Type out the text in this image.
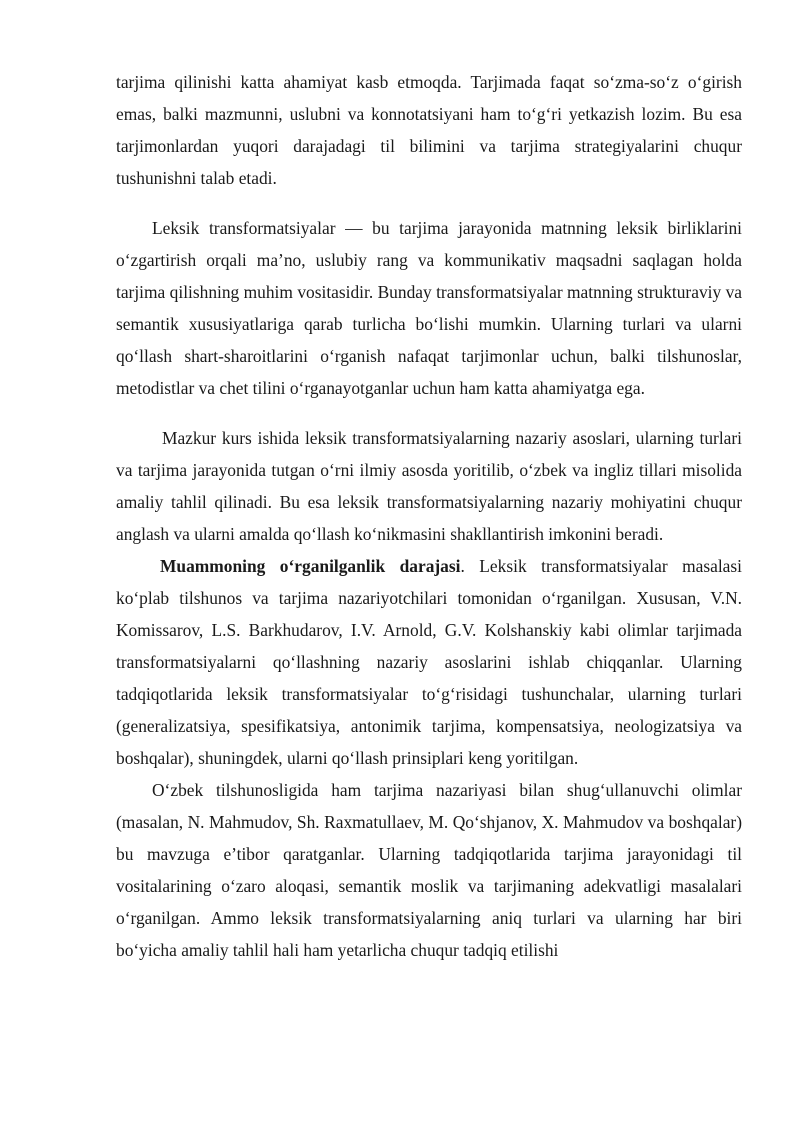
tarjima qilinishi katta ahamiyat kasb etmoqda. Tarjimada faqat so‘zma-so‘z o‘girish emas, balki mazmunni, uslubni va konnotatsiyani ham to‘g‘ri yetkazish lozim. Bu esa tarjimonlardan yuqori darajadagi til bilimini va tarjima strategiyalarini chuqur tushunishni talab etadi.

Leksik transformatsiyalar — bu tarjima jarayonida matnning leksik birliklarini o‘zgartirish orqali ma’no, uslubiy rang va kommunikativ maqsadni saqlagan holda tarjima qilishning muhim vositasidir. Bunday transformatsiyalar matnning strukturaviy va semantik xususiyatlariga qarab turlicha bo‘lishi mumkin. Ularning turlari va ularni qo‘llash shart-sharoitlarini o‘rganish nafaqat tarjimonlar uchun, balki tilshunoslar, metodistlar va chet tilini o‘rganayotganlar uchun ham katta ahamiyatga ega.

Mazkur kurs ishida leksik transformatsiyalarning nazariy asoslari, ularning turlari va tarjima jarayonida tutgan o‘rni ilmiy asosda yoritilib, o‘zbek va ingliz tillari misolida amaliy tahlil qilinadi. Bu esa leksik transformatsiyalarning nazariy mohiyatini chuqur anglash va ularni amalda qo‘llash ko‘nikmasini shakllantirish imkonini beradi.

Muammoning o‘rganilganlik darajasi. Leksik transformatsiyalar masalasi ko‘plab tilshunos va tarjima nazariyotchilari tomonidan o‘rganilgan. Xususan, V.N. Komissarov, L.S. Barkhudarov, I.V. Arnold, G.V. Kolshanskiy kabi olimlar tarjimada transformatsiyalarni qo‘llashning nazariy asoslarini ishlab chiqqanlar. Ularning tadqiqotlarida leksik transformatsiyalar to‘g‘risidagi tushunchalar, ularning turlari (generalizatsiya, spesifikatsiya, antonimik tarjima, kompensatsiya, neologizatsiya va boshqalar), shuningdek, ularni qo‘llash prinsiplari keng yoritilgan.

O‘zbek tilshunosligida ham tarjima nazariyasi bilan shug‘ullanuvchi olimlar (masalan, N. Mahmudov, Sh. Raxmatullaev, M. Qo‘shjanov, X. Mahmudov va boshqalar) bu mavzuga e’tibor qaratganlar. Ularning tadqiqotlarida tarjima jarayonidagi til vositalarining o‘zaro aloqasi, semantik moslik va tarjimaning adekvatligi masalalari o‘rganilgan. Ammo leksik transformatsiyalarning aniq turlari va ularning har biri bo‘yicha amaliy tahlil hali ham yetarlicha chuqur tadqiq etilishi
